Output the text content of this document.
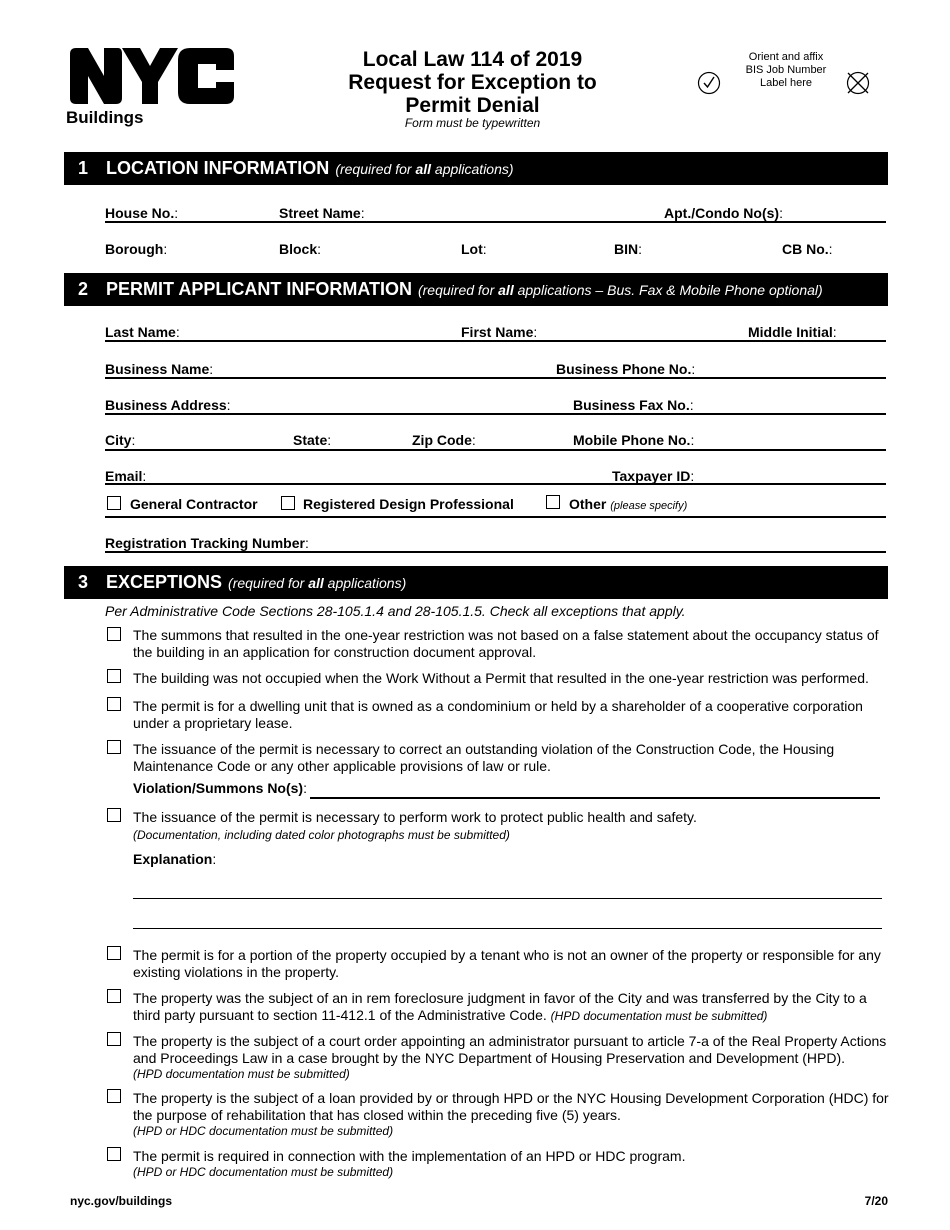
NYC
Buildings
Local Law 114 of 2019
Request for Exception to
Permit Denial
Form must be typewritten
Orient and affix
BIS Job Number
Label here
1	LOCATION INFORMATION (required for all applications)
House No.:	Street Name:	Apt./Condo No(s):
Borough:	Block:	Lot:	BIN:	CB No.:
2	PERMIT APPLICANT INFORMATION (required for all applications – Bus. Fax & Mobile Phone optional)
Last Name:	First Name:	Middle Initial:
Business Name:	Business Phone No.:
Business Address:	Business Fax No.:
City:	State:	Zip Code:	Mobile Phone No.:
Email:	Taxpayer ID:
General Contractor	Registered Design Professional	Other (please specify)
Registration Tracking Number:
3	EXCEPTIONS (required for all applications)
Per Administrative Code Sections 28-105.1.4 and 28-105.1.5. Check all exceptions that apply.
The summons that resulted in the one-year restriction was not based on a false statement about the occupancy status of
the building in an application for construction document approval.
The building was not occupied when the Work Without a Permit that resulted in the one-year restriction was performed.
The permit is for a dwelling unit that is owned as a condominium or held by a shareholder of a cooperative corporation
under a proprietary lease.
The issuance of the permit is necessary to correct an outstanding violation of the Construction Code, the Housing
Maintenance Code or any other applicable provisions of law or rule.
Violation/Summons No(s):
The issuance of the permit is necessary to perform work to protect public health and safety.
(Documentation, including dated color photographs must be submitted)
Explanation:
The permit is for a portion of the property occupied by a tenant who is not an owner of the property or responsible for any
existing violations in the property.
The property was the subject of an in rem foreclosure judgment in favor of the City and was transferred by the City to a
third party pursuant to section 11-412.1 of the Administrative Code. (HPD documentation must be submitted)
The property is the subject of a court order appointing an administrator pursuant to article 7-a of the Real Property Actions
and Proceedings Law in a case brought by the NYC Department of Housing Preservation and Development (HPD).
(HPD documentation must be submitted)
The property is the subject of a loan provided by or through HPD or the NYC Housing Development Corporation (HDC) for
the purpose of rehabilitation that has closed within the preceding five (5) years.
(HPD or HDC documentation must be submitted)
The permit is required in connection with the implementation of an HPD or HDC program.
(HPD or HDC documentation must be submitted)
nyc.gov/buildings	7/20
